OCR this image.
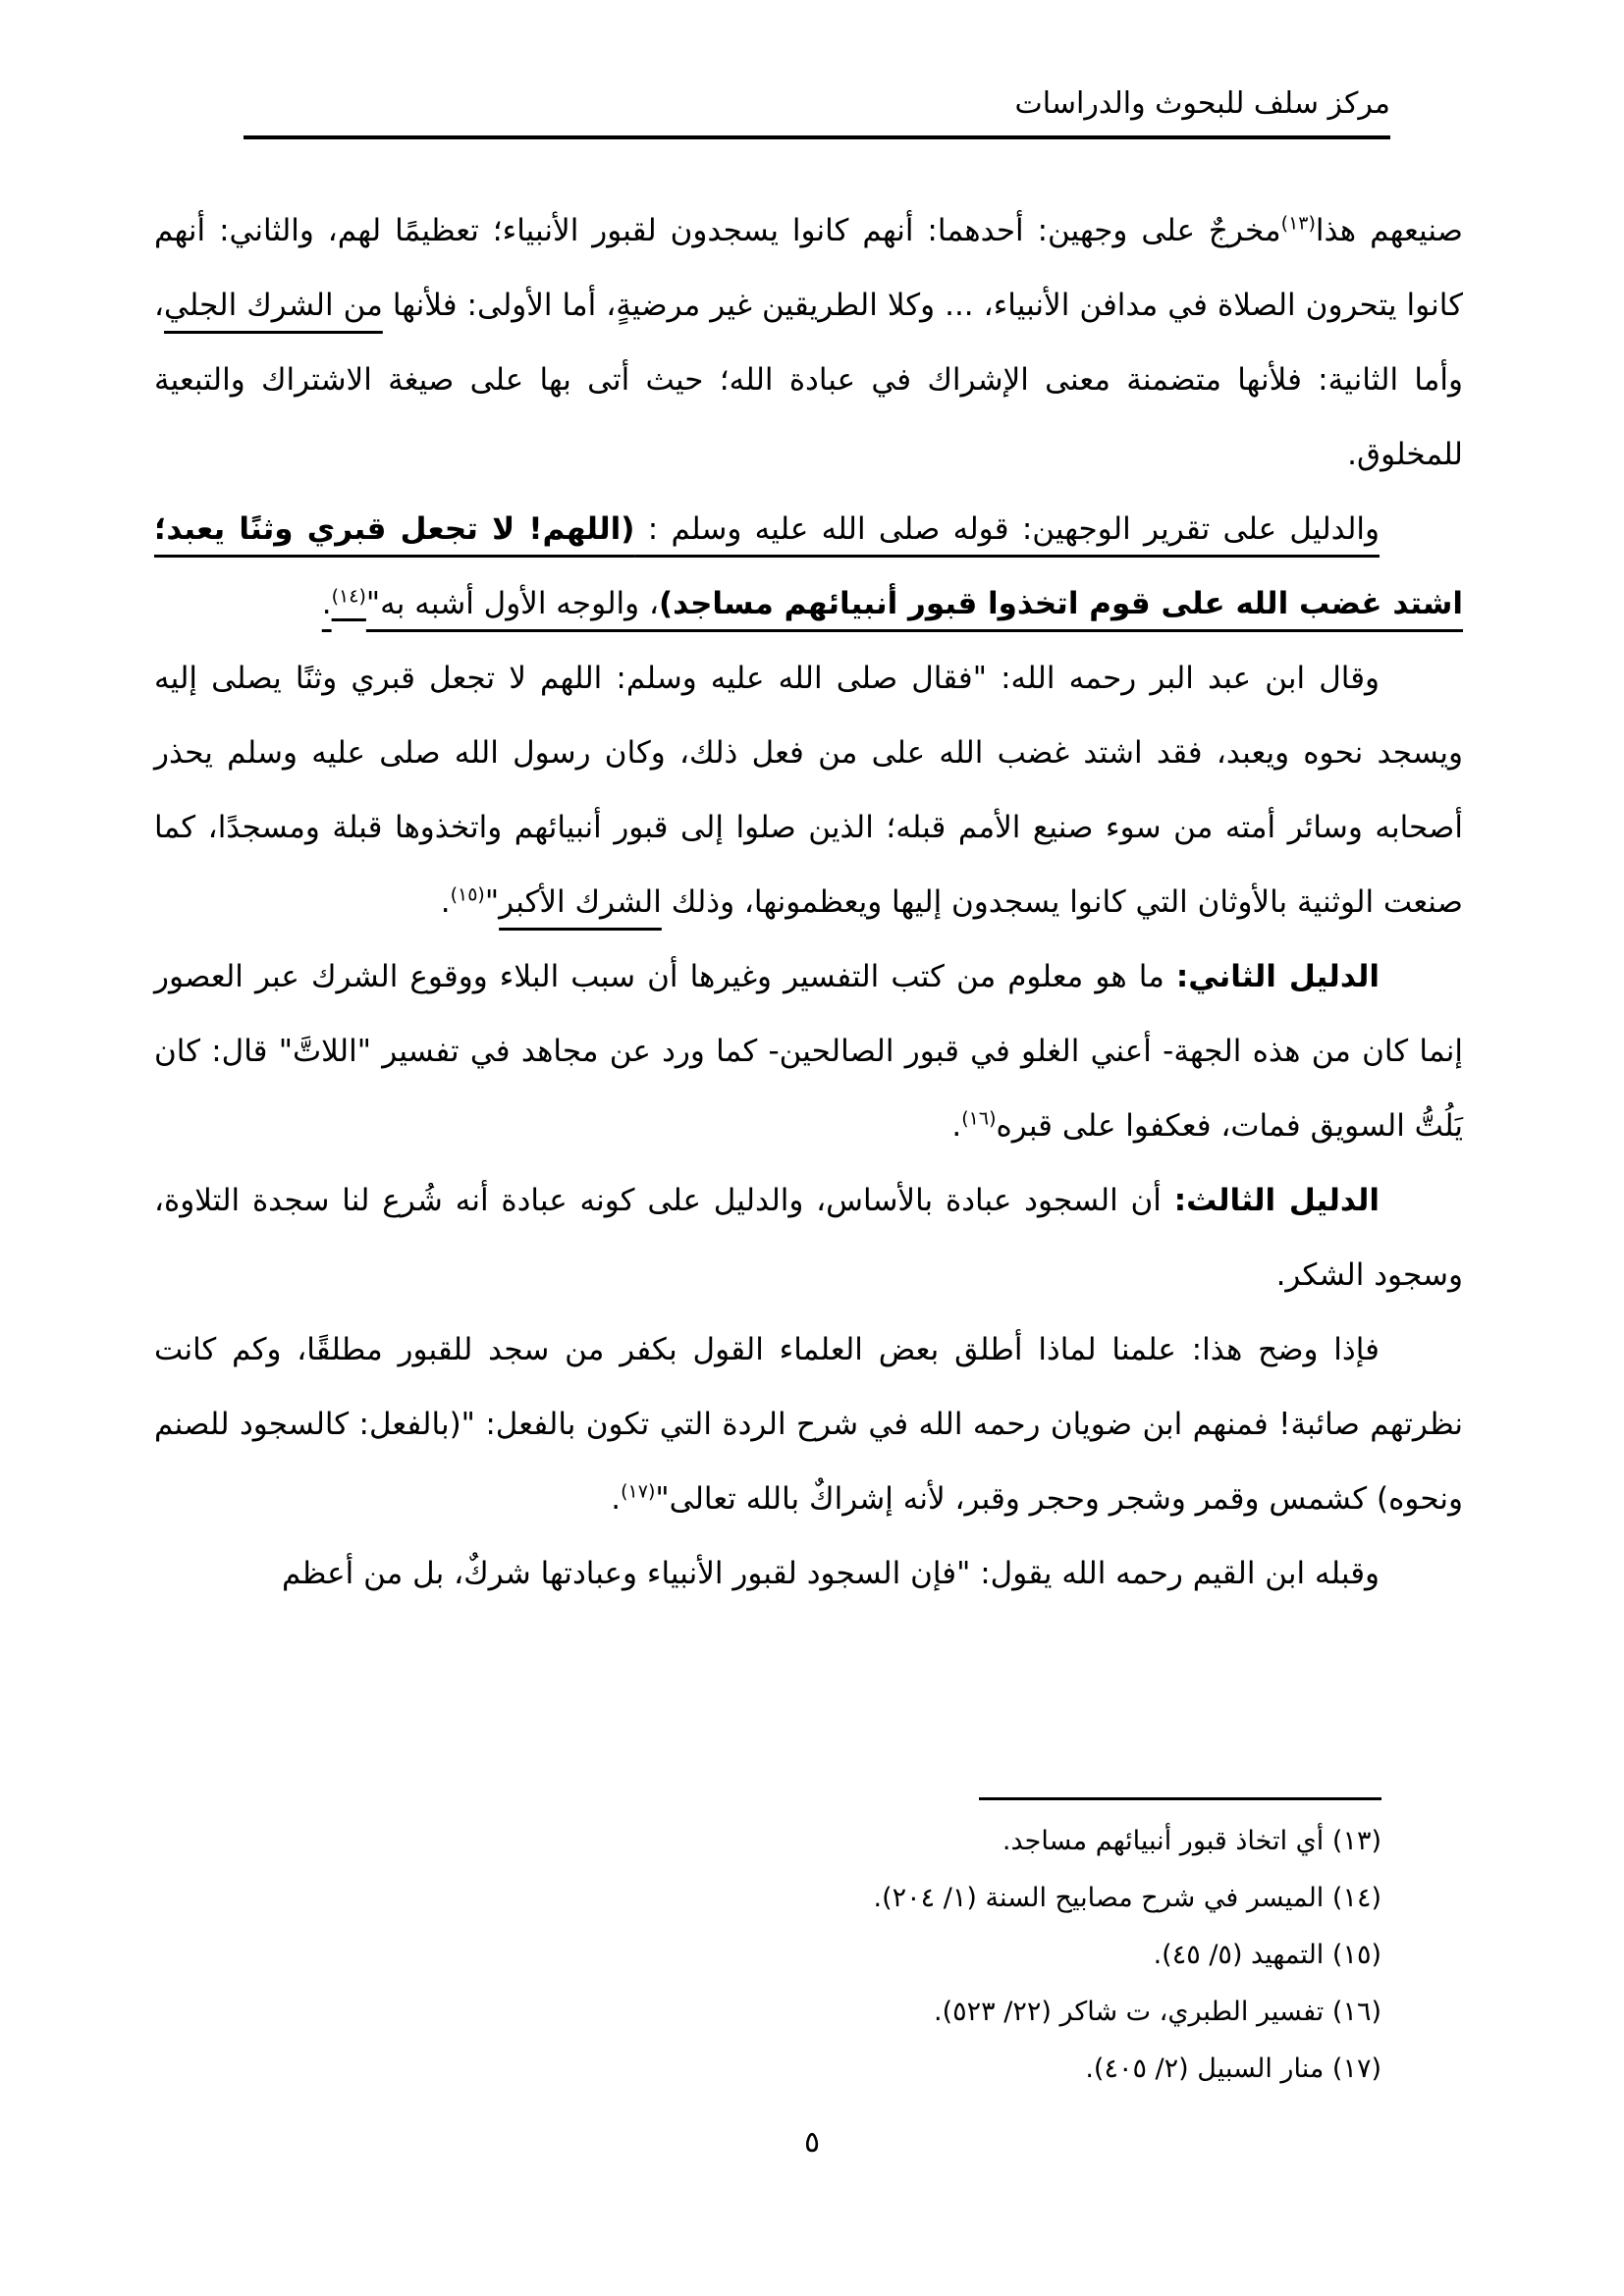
مركز سلف للبحوث والدراسات

صنيعهم هذا$^{(١٣)}$مخرجٌ على وجهين: أحدهما: أنهم كانوا يسجدون لقبور الأنبياء؛ تعظيمًا لهم، والثاني: أنهم كانوا يتحرون الصلاة في مدافن الأنبياء، ... وكلا الطريقين غير مرضيةٍ، أما الأولى: فلأنها من الشرك الجلي، وأما الثانية: فلأنها متضمنة معنى الإشراك في عبادة الله؛ حيث أتى بها على صيغة الاشتراك والتبعية للمخلوق.

والدليل على تقرير الوجهين: قوله صلى الله عليه وسلم : (اللهم! لا تجعل قبري وثنًا يعبد؛ اشتد غضب الله على قوم اتخذوا قبور أنبيائهم مساجد)، والوجه الأول أشبه به"$^{(١٤)}$.

وقال ابن عبد البر رحمه الله: "فقال صلى الله عليه وسلم: اللهم لا تجعل قبري وثنًا يصلى إليه ويسجد نحوه ويعبد، فقد اشتد غضب الله على من فعل ذلك، وكان رسول الله صلى عليه وسلم يحذر أصحابه وسائر أمته من سوء صنيع الأمم قبله؛ الذين صلوا إلى قبور أنبيائهم واتخذوها قبلة ومسجدًا، كما صنعت الوثنية بالأوثان التي كانوا يسجدون إليها ويعظمونها، وذلك الشرك الأكبر"$^{(١٥)}$.

الدليل الثاني: ما هو معلوم من كتب التفسير وغيرها أن سبب البلاء ووقوع الشرك عبر العصور إنما كان من هذه الجهة- أعني الغلو في قبور الصالحين- كما ورد عن مجاهد في تفسير "اللاتَّ" قال: كان يَلُتُّ السويق فمات، فعكفوا على قبره$^{(١٦)}$.

الدليل الثالث: أن السجود عبادة بالأساس، والدليل على كونه عبادة أنه شُرع لنا سجدة التلاوة، وسجود الشكر.

فإذا وضح هذا: علمنا لماذا أطلق بعض العلماء القول بكفر من سجد للقبور مطلقًا، وكم كانت نظرتهم صائبة! فمنهم ابن ضويان رحمه الله في شرح الردة التي تكون بالفعل: "(بالفعل: كالسجود للصنم ونحوه) كشمس وقمر وشجر وحجر وقبر، لأنه إشراكٌ بالله تعالى"$^{(١٧)}$.

وقبله ابن القيم رحمه الله يقول: "فإن السجود لقبور الأنبياء وعبادتها شركٌ، بل من أعظم

(١٣) أي اتخاذ قبور أنبيائهم مساجد.
(١٤) الميسر في شرح مصابيح السنة (١/ ٢٠٤).
(١٥) التمهيد (٥/ ٤٥).
(١٦) تفسير الطبري، ت شاكر (٢٢/ ٥٢٣).
(١٧) منار السبيل (٢/ ٤٠٥).
٥
